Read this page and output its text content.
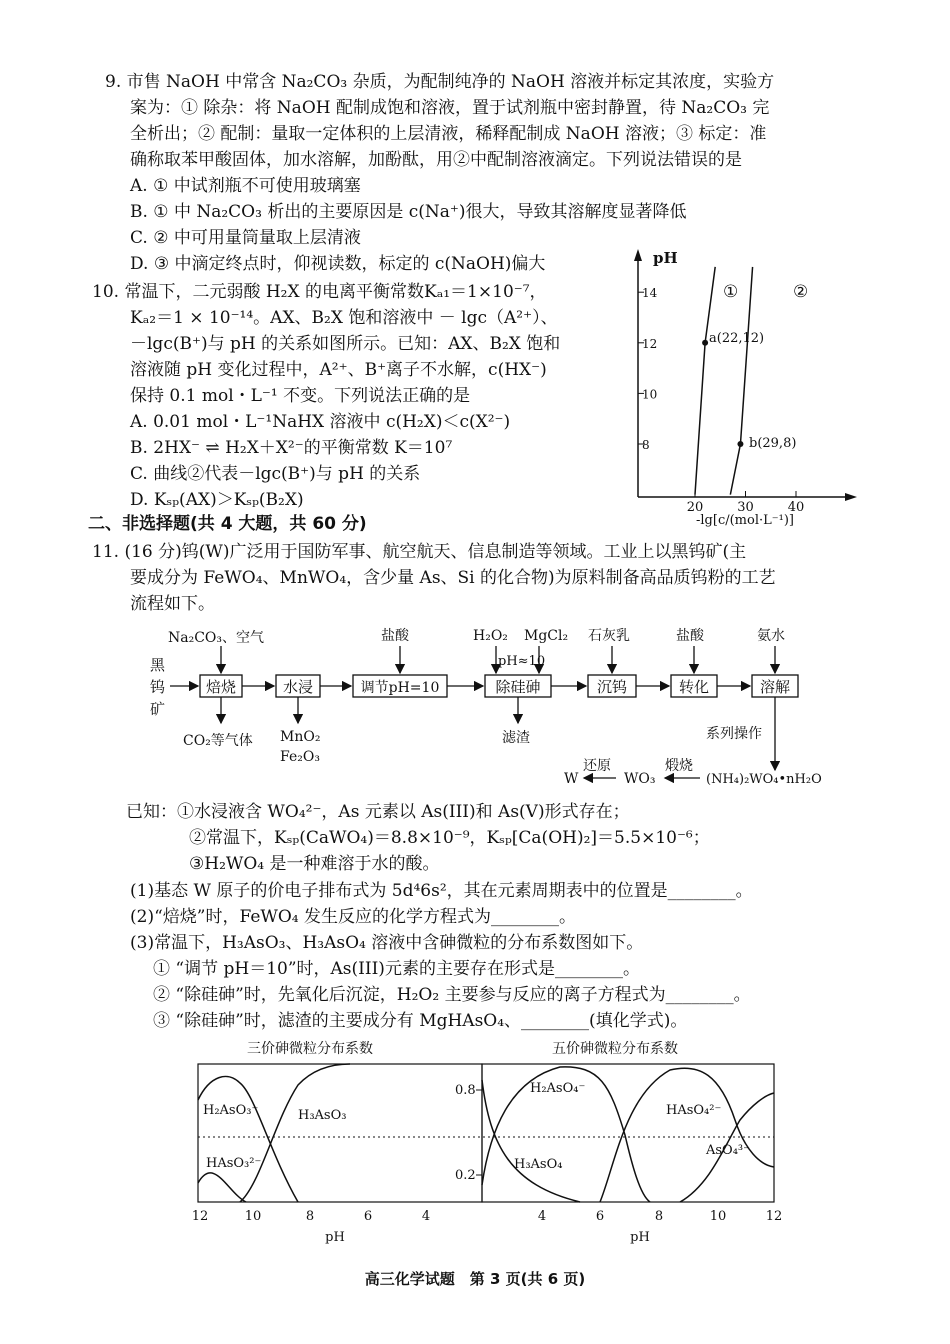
9. 市售 NaOH 中常含 Na₂CO₃ 杂质，为配制纯净的 NaOH 溶液并标定其浓度，实验方
案为：① 除杂：将 NaOH 配制成饱和溶液，置于试剂瓶中密封静置，待 Na₂CO₃ 完
全析出；② 配制：量取一定体积的上层清液，稀释配制成 NaOH 溶液；③ 标定：准
确称取苯甲酸固体，加水溶解，加酚酞，用②中配制溶液滴定。下列说法错误的是
A. ① 中试剂瓶不可使用玻璃塞
B. ① 中 Na₂CO₃ 析出的主要原因是 c(Na⁺)很大，导致其溶解度显著降低
C. ② 中可用量筒量取上层清液
D. ③ 中滴定终点时，仰视读数，标定的 c(NaOH)偏大
10. 常温下，二元弱酸 H₂X 的电离平衡常数Kₐ₁＝1×10⁻⁷，
Kₐ₂＝1 × 10⁻¹⁴。AX、B₂X 饱和溶液中 － lgc（A²⁺）、
－lgc(B⁺)与 pH 的关系如图所示。已知：AX、B₂X 饱和
溶液随 pH 变化过程中，A²⁺、B⁺离子不水解，c(HX⁻)
保持 0.1 mol・L⁻¹ 不变。下列说法正确的是
A. 0.01 mol・L⁻¹NaHX 溶液中 c(H₂X)＜c(X²⁻)
B. 2HX⁻ ⇌ H₂X＋X²⁻的平衡常数 K＝10⁷
C. 曲线②代表－lgc(B⁺)与 pH 的关系
D. Kₛₚ(AX)＞Kₛₚ(B₂X)
pH
14
12
10
8
20	30	40
①	②
a(22,12)
b(29,8)
-lg[c/(mol·L⁻¹)]
二、非选择题(共 4 大题，共 60 分)
11. (16 分)钨(W)广泛用于国防军事、航空航天、信息制造等领域。工业上以黑钨矿(主
要成分为 FeWO₄、MnWO₄，含少量 As、Si 的化合物)为原料制备高品质钨粉的工艺
流程如下。
黑
钨
矿
焙烧	水浸	调节pH=10	除硅砷	沉钨	转化	溶解
Na₂CO₃、空气	盐酸	H₂O₂ MgCl₂
pH≈10
石灰乳	盐酸	氨水
CO₂等气体 MnO₂
Fe₂O₃
滤渣	系列操作
W
还原
WO₃
煅烧
(NH₄)₂WO₄•nH₂O
已知：①水浸液含 WO₄²⁻，As 元素以 As(III)和 As(V)形式存在；
②常温下，Kₛₚ(CaWO₄)＝8.8×10⁻⁹，Kₛₚ[Ca(OH)₂]＝5.5×10⁻⁶；
③H₂WO₄ 是一种难溶于水的酸。
(1)基态 W 原子的价电子排布式为 5d⁴6s²，其在元素周期表中的位置是________。
(2)“焙烧”时，FeWO₄ 发生反应的化学方程式为________。
(3)常温下，H₃AsO₃、H₃AsO₄ 溶液中含砷微粒的分布系数图如下。
① “调节 pH＝10”时，As(III)元素的主要存在形式是________。
② “除硅砷”时，先氧化后沉淀，H₂O₂ 主要参与反应的离子方程式为________。
③ “除硅砷”时，滤渣的主要成分有 MgHAsO₄、________(填化学式)。
三价砷微粒分布系数	五价砷微粒分布系数
H₂AsO₃⁻	H₃AsO₃
HAsO₃²⁻
H₂AsO₄⁻
HAsO₄²⁻
H₃AsO₄
AsO₄³⁻
0.8
0.2
12	10	8	6	4	4	6	8	10	12
pH	pH
高三化学试题　第 3 页(共 6 页)
